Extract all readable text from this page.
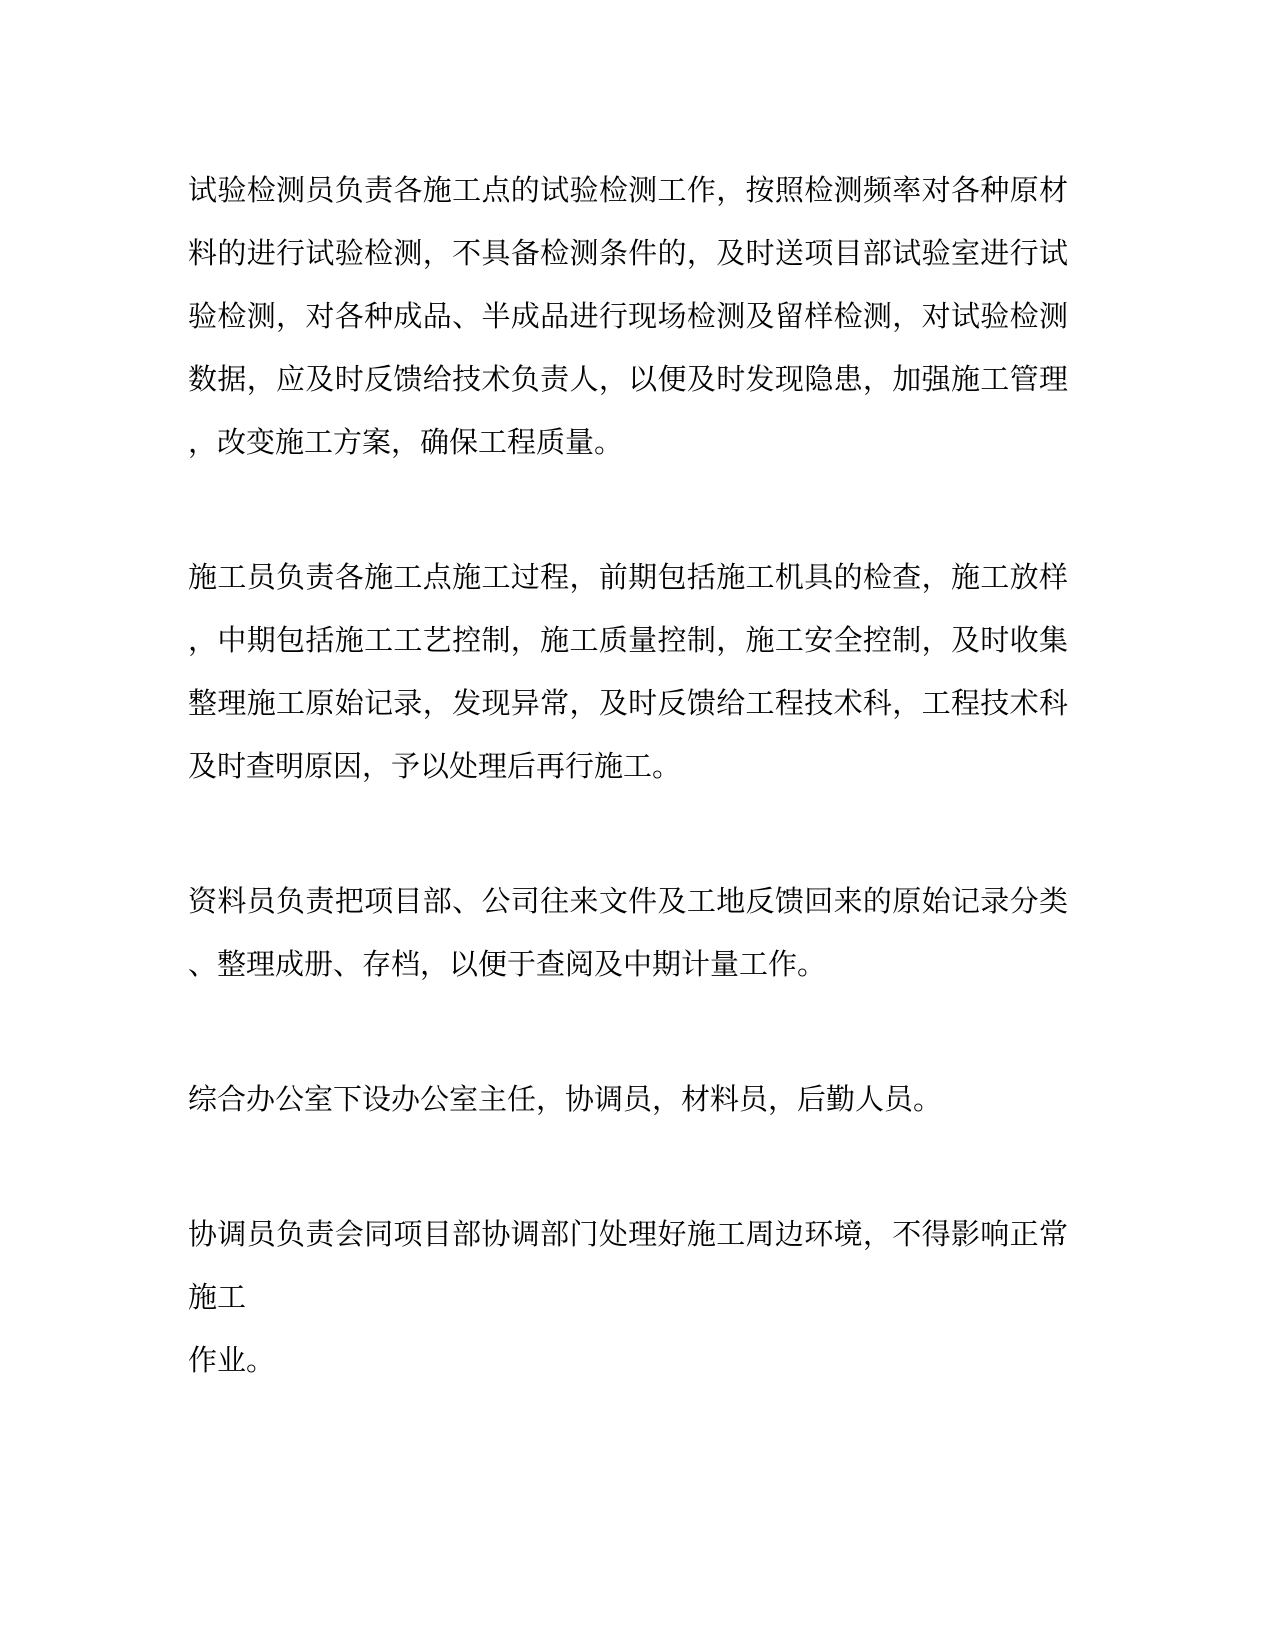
试验检测员负责各施工点的试验检测工作，按照检测频率对各种原材
料的进行试验检测，不具备检测条件的，及时送项目部试验室进行试
验检测，对各种成品、半成品进行现场检测及留样检测，对试验检测
数据，应及时反馈给技术负责人，以便及时发现隐患，加强施工管理
，改变施工方案，确保工程质量。
施工员负责各施工点施工过程，前期包括施工机具的检查，施工放样
，中期包括施工工艺控制，施工质量控制，施工安全控制，及时收集
整理施工原始记录，发现异常，及时反馈给工程技术科，工程技术科
及时查明原因，予以处理后再行施工。
资料员负责把项目部、公司往来文件及工地反馈回来的原始记录分类
、整理成册、存档，以便于查阅及中期计量工作。
综合办公室下设办公室主任，协调员，材料员，后勤人员。
协调员负责会同项目部协调部门处理好施工周边环境，不得影响正常
施工
作业。
